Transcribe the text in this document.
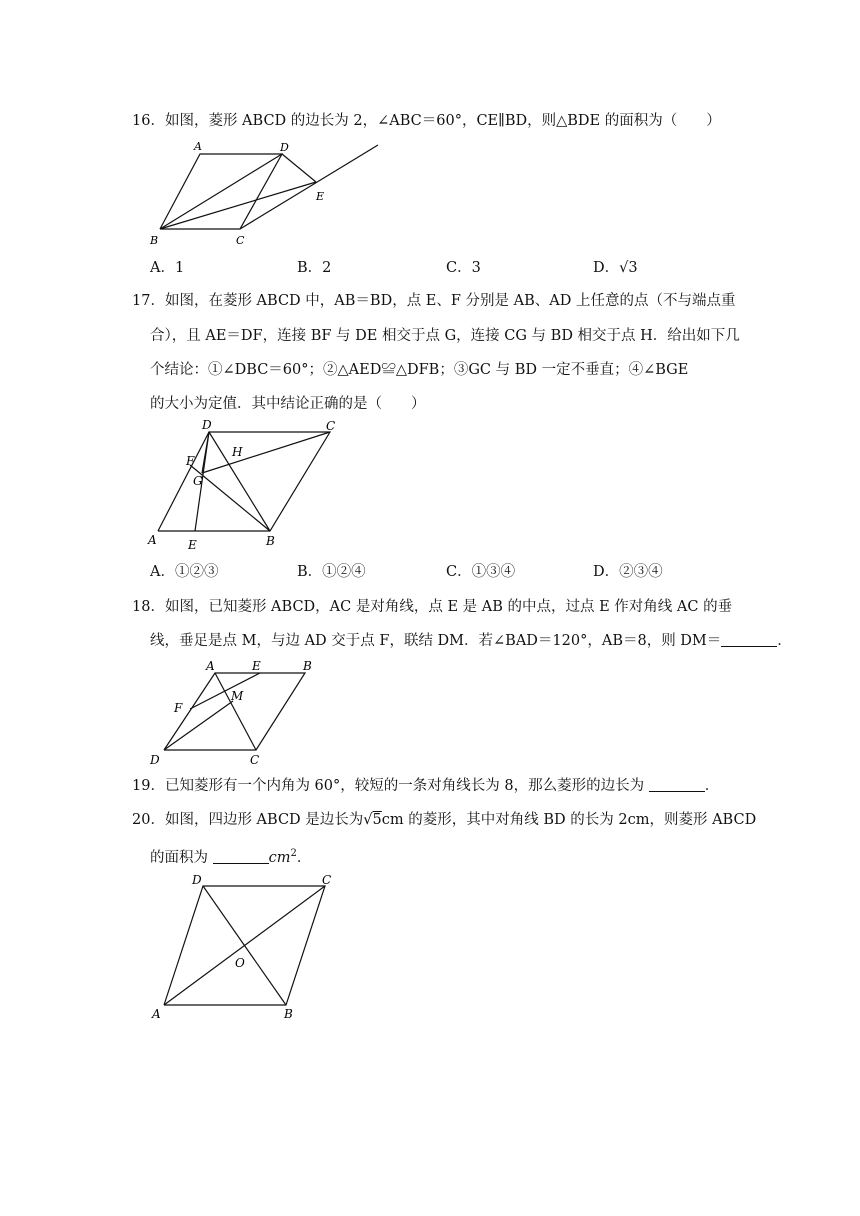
16．如图，菱形 ABCD 的边长为 2，∠ABC＝60°，CE∥BD，则△BDE 的面积为（　　）
A	D
E
B	C
A．1	B．2	C．3	D．√3
17．如图，在菱形 ABCD 中，AB＝BD，点 E、F 分别是 AB、AD 上任意的点（不与端点重
合），且 AE＝DF，连接 BF 与 DE 相交于点 G，连接 CG 与 BD 相交于点 H．给出如下几
个结论：①∠DBC＝60°；②△AED≌△DFB；③GC 与 BD 一定不垂直；④∠BGE
的大小为定值．其中结论正确的是（　　）
D	C
H
F
G
A	E	B
A．①②③	B．①②④	C．①③④	D．②③④
18．如图，已知菱形 ABCD，AC 是对角线，点 E 是 AB 的中点，过点 E 作对角线 AC 的垂
线，垂足是点 M，与边 AD 交于点 F，联结 DM．若∠BAD＝120°，AB＝8，则 DM＝	．
A	E	B
M
F
D	C
19．已知菱形有一个内角为 60°，较短的一条对角线长为 8，那么菱形的边长为	．
20．如图，四边形 ABCD 是边长为√5cm 的菱形，其中对角线 BD 的长为 2cm，则菱形 ABCD
的面积为	$cm^2$．
D	C
O
A	B
